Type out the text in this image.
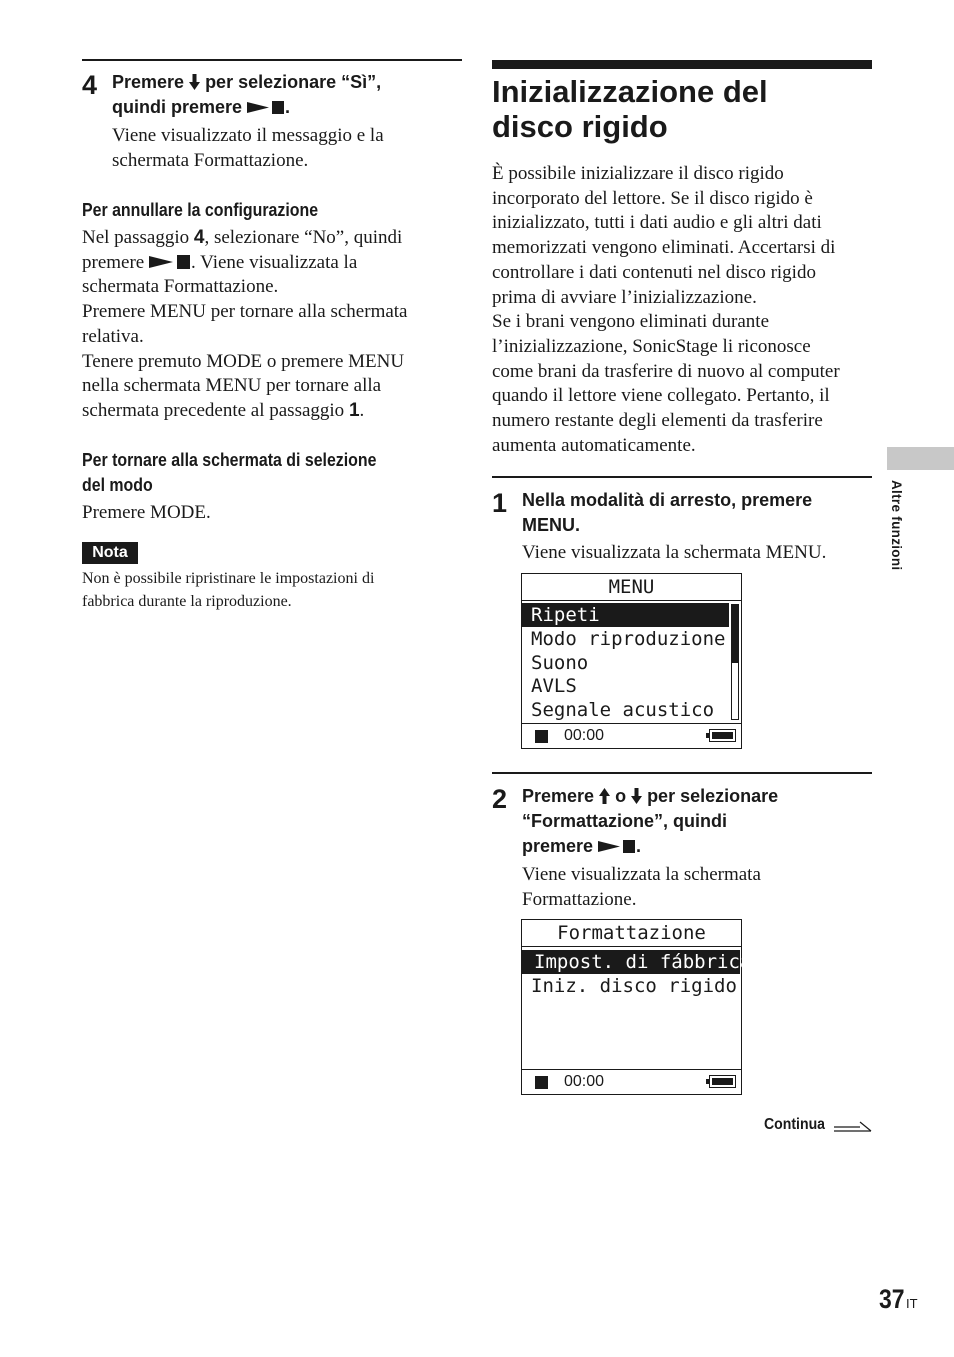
4 Premere  per selezionare “Sì”,
quindi premere .
Viene visualizzato il messaggio e la
schermata Formattazione.
Per annullare la configurazione
Nel passaggio 4, selezionare “No”, quindi
premere . Viene visualizzata la
schermata Formattazione.
Premere MENU per tornare alla schermata
relativa.
Tenere premuto MODE o premere MENU
nella schermata MENU per tornare alla
schermata precedente al passaggio 1.
Per tornare alla schermata di selezione
del modo
Premere MODE.
Nota
Non è possibile ripristinare le impostazioni di
fabbrica durante la riproduzione.
Inizializzazione del
disco rigido
È possibile inizializzare il disco rigido
incorporato del lettore. Se il disco rigido è
inizializzato, tutti i dati audio e gli altri dati
memorizzati vengono eliminati. Accertarsi di
controllare i dati contenuti nel disco rigido
prima di avviare l’inizializzazione.
Se i brani vengono eliminati durante
l’inizializzazione, SonicStage li riconosce
come brani da trasferire di nuovo al computer
quando il lettore viene collegato. Pertanto, il
numero restante degli elementi da trasferire
aumenta automaticamente.
1 Nella modalità di arresto, premere
MENU.
Viene visualizzata la schermata MENU.
MENU
Ripeti
Modo riproduzione
Suono
AVLS
Segnale acustico
00:00
2 Premere  o  per selezionare
“Formattazione”, quindi
premere .
Viene visualizzata la schermata
Formattazione.
Formattazione
Impost. di fábbrica
Iniz. disco rigido
00:00
Continua
Altre funzioni
37 IT
